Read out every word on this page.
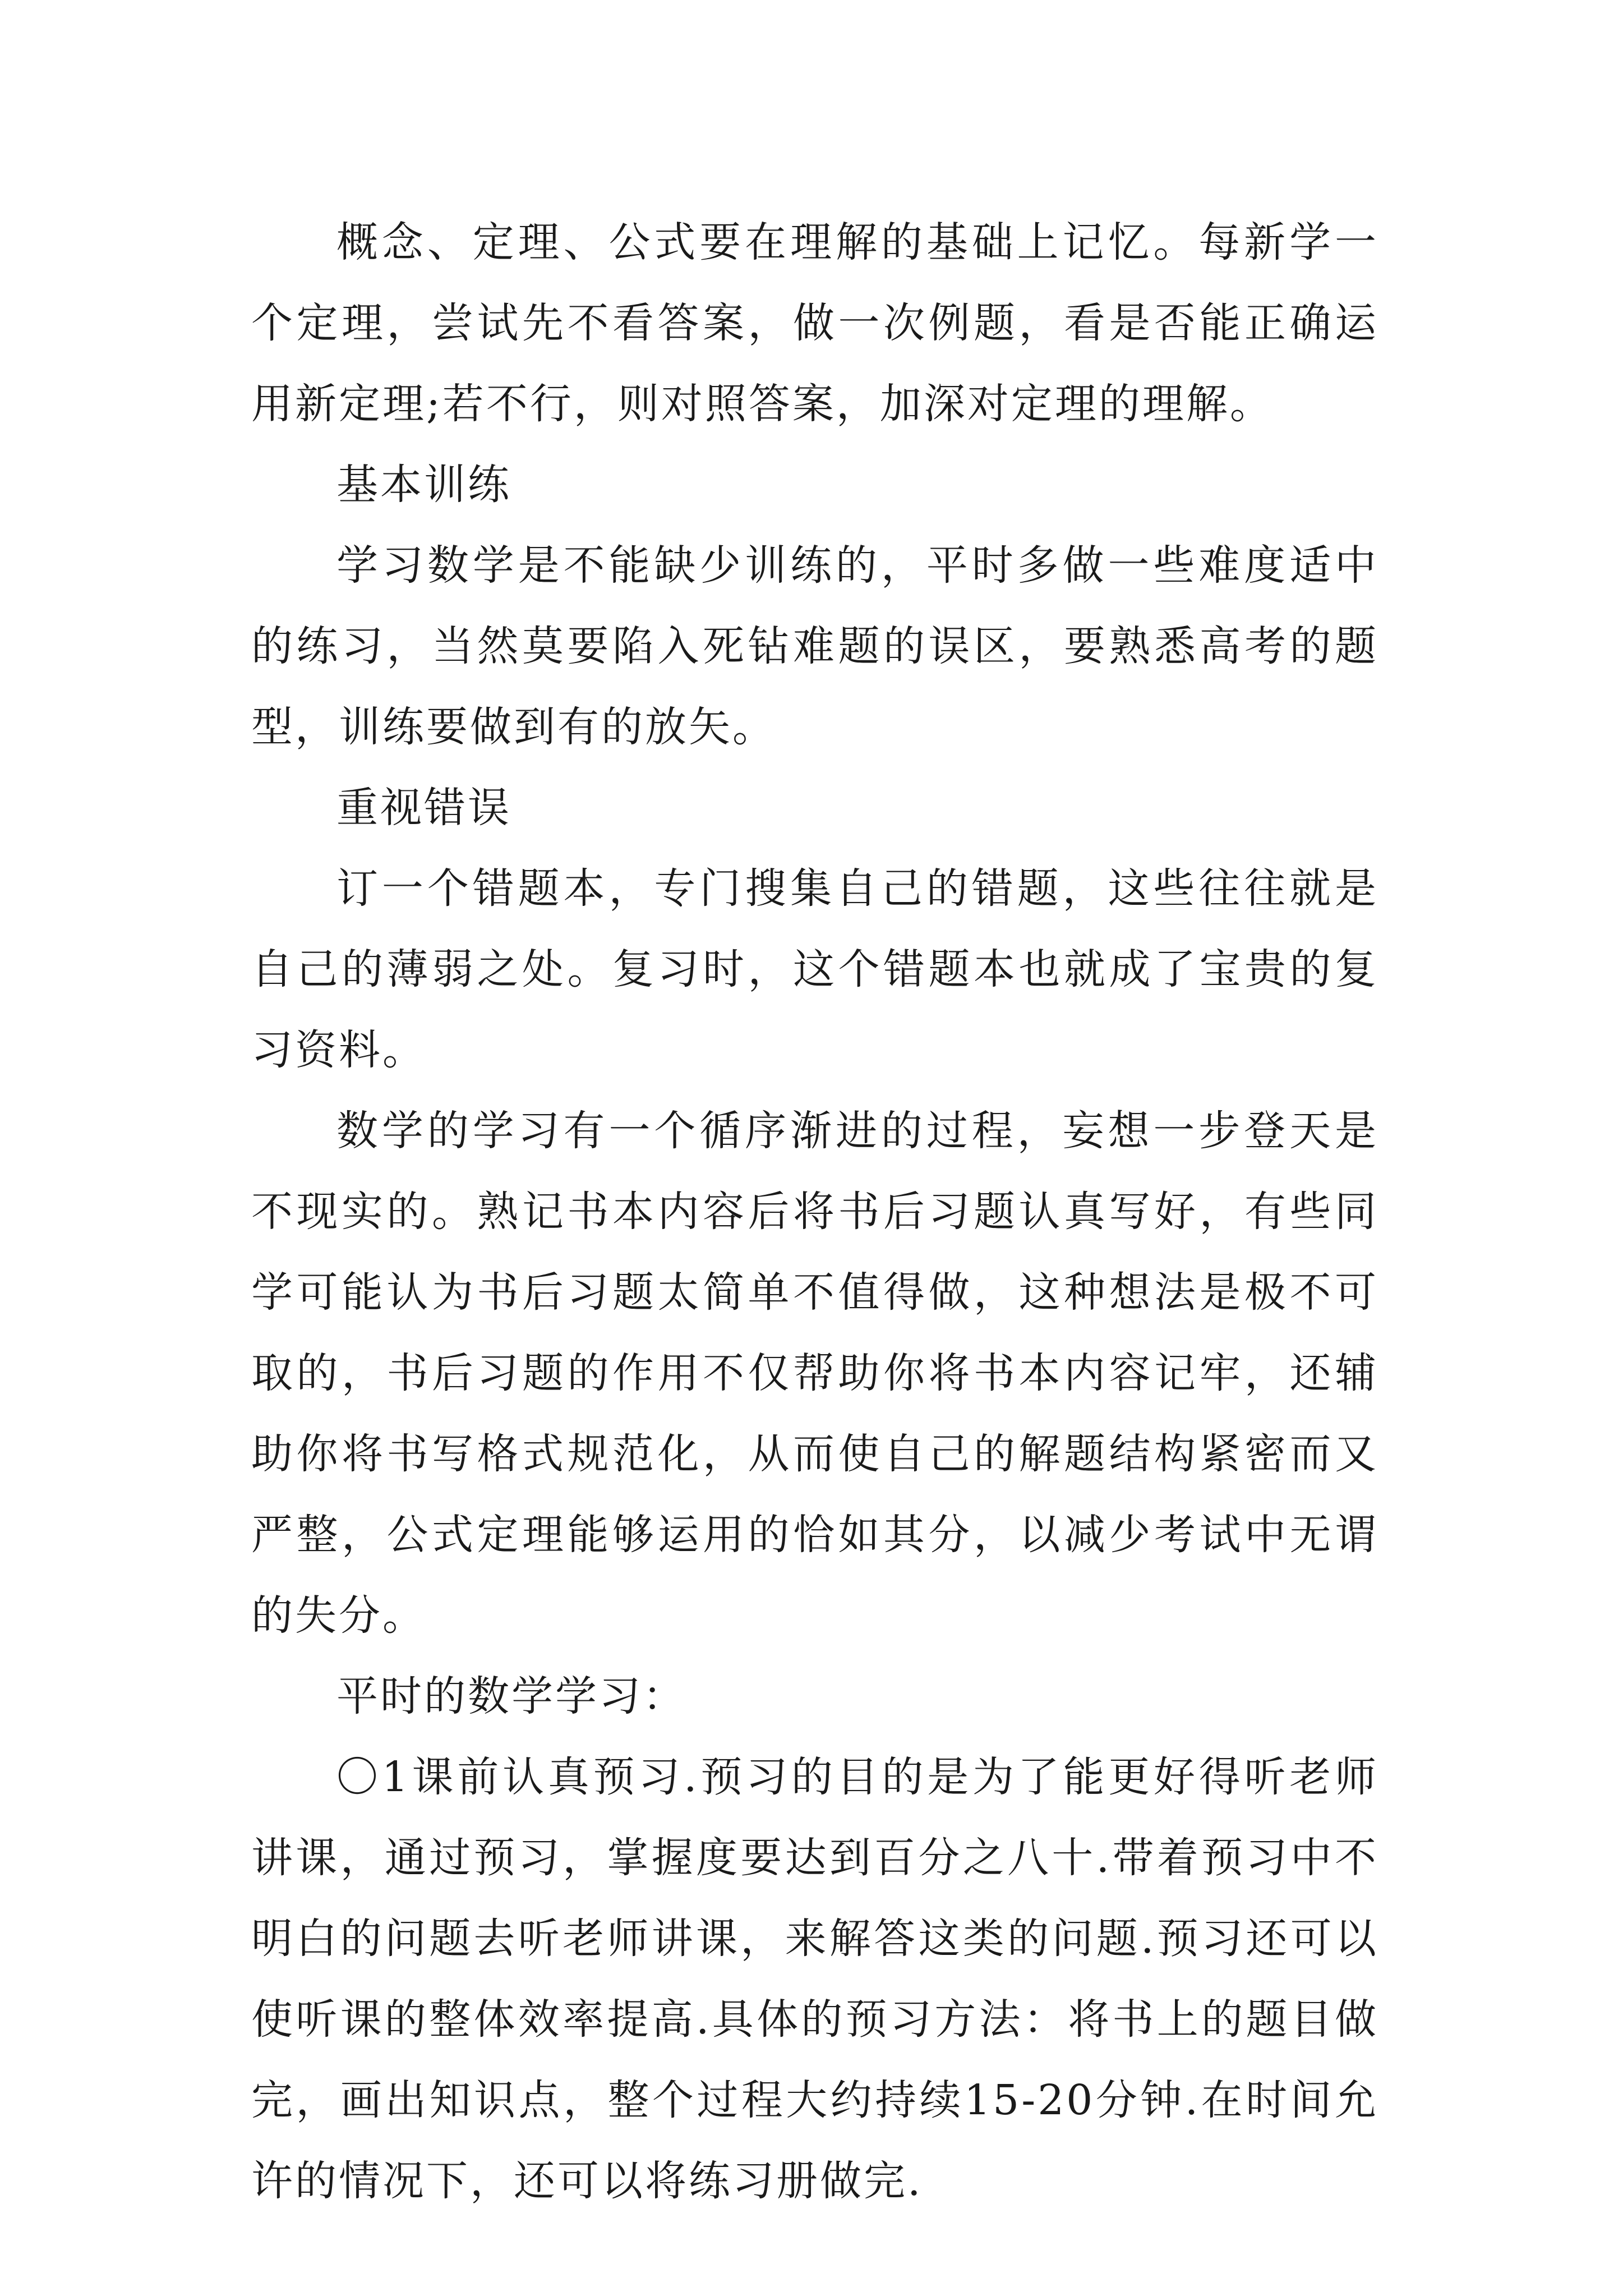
概念、定理、公式要在理解的基础上记忆。每新学一个定理，尝试先不看答案，做一次例题，看是否能正确运用新定理;若不行，则对照答案，加深对定理的理解。

基本训练

学习数学是不能缺少训练的，平时多做一些难度适中的练习，当然莫要陷入死钻难题的误区，要熟悉高考的题型，训练要做到有的放矢。

重视错误

订一个错题本，专门搜集自己的错题，这些往往就是自己的薄弱之处。复习时，这个错题本也就成了宝贵的复习资料。

数学的学习有一个循序渐进的过程，妄想一步登天是不现实的。熟记书本内容后将书后习题认真写好，有些同学可能认为书后习题太简单不值得做，这种想法是极不可取的，书后习题的作用不仅帮助你将书本内容记牢，还辅助你将书写格式规范化，从而使自己的解题结构紧密而又严整，公式定理能够运用的恰如其分，以减少考试中无谓的失分。

平时的数学学习：

〇1课前认真预习.预习的目的是为了能更好得听老师讲课，通过预习，掌握度要达到百分之八十.带着预习中不明白的问题去听老师讲课，来解答这类的问题.预习还可以使听课的整体效率提高.具体的预习方法：将书上的题目做完，画出知识点，整个过程大约持续15-20分钟.在时间允许的情况下，还可以将练习册做完.
